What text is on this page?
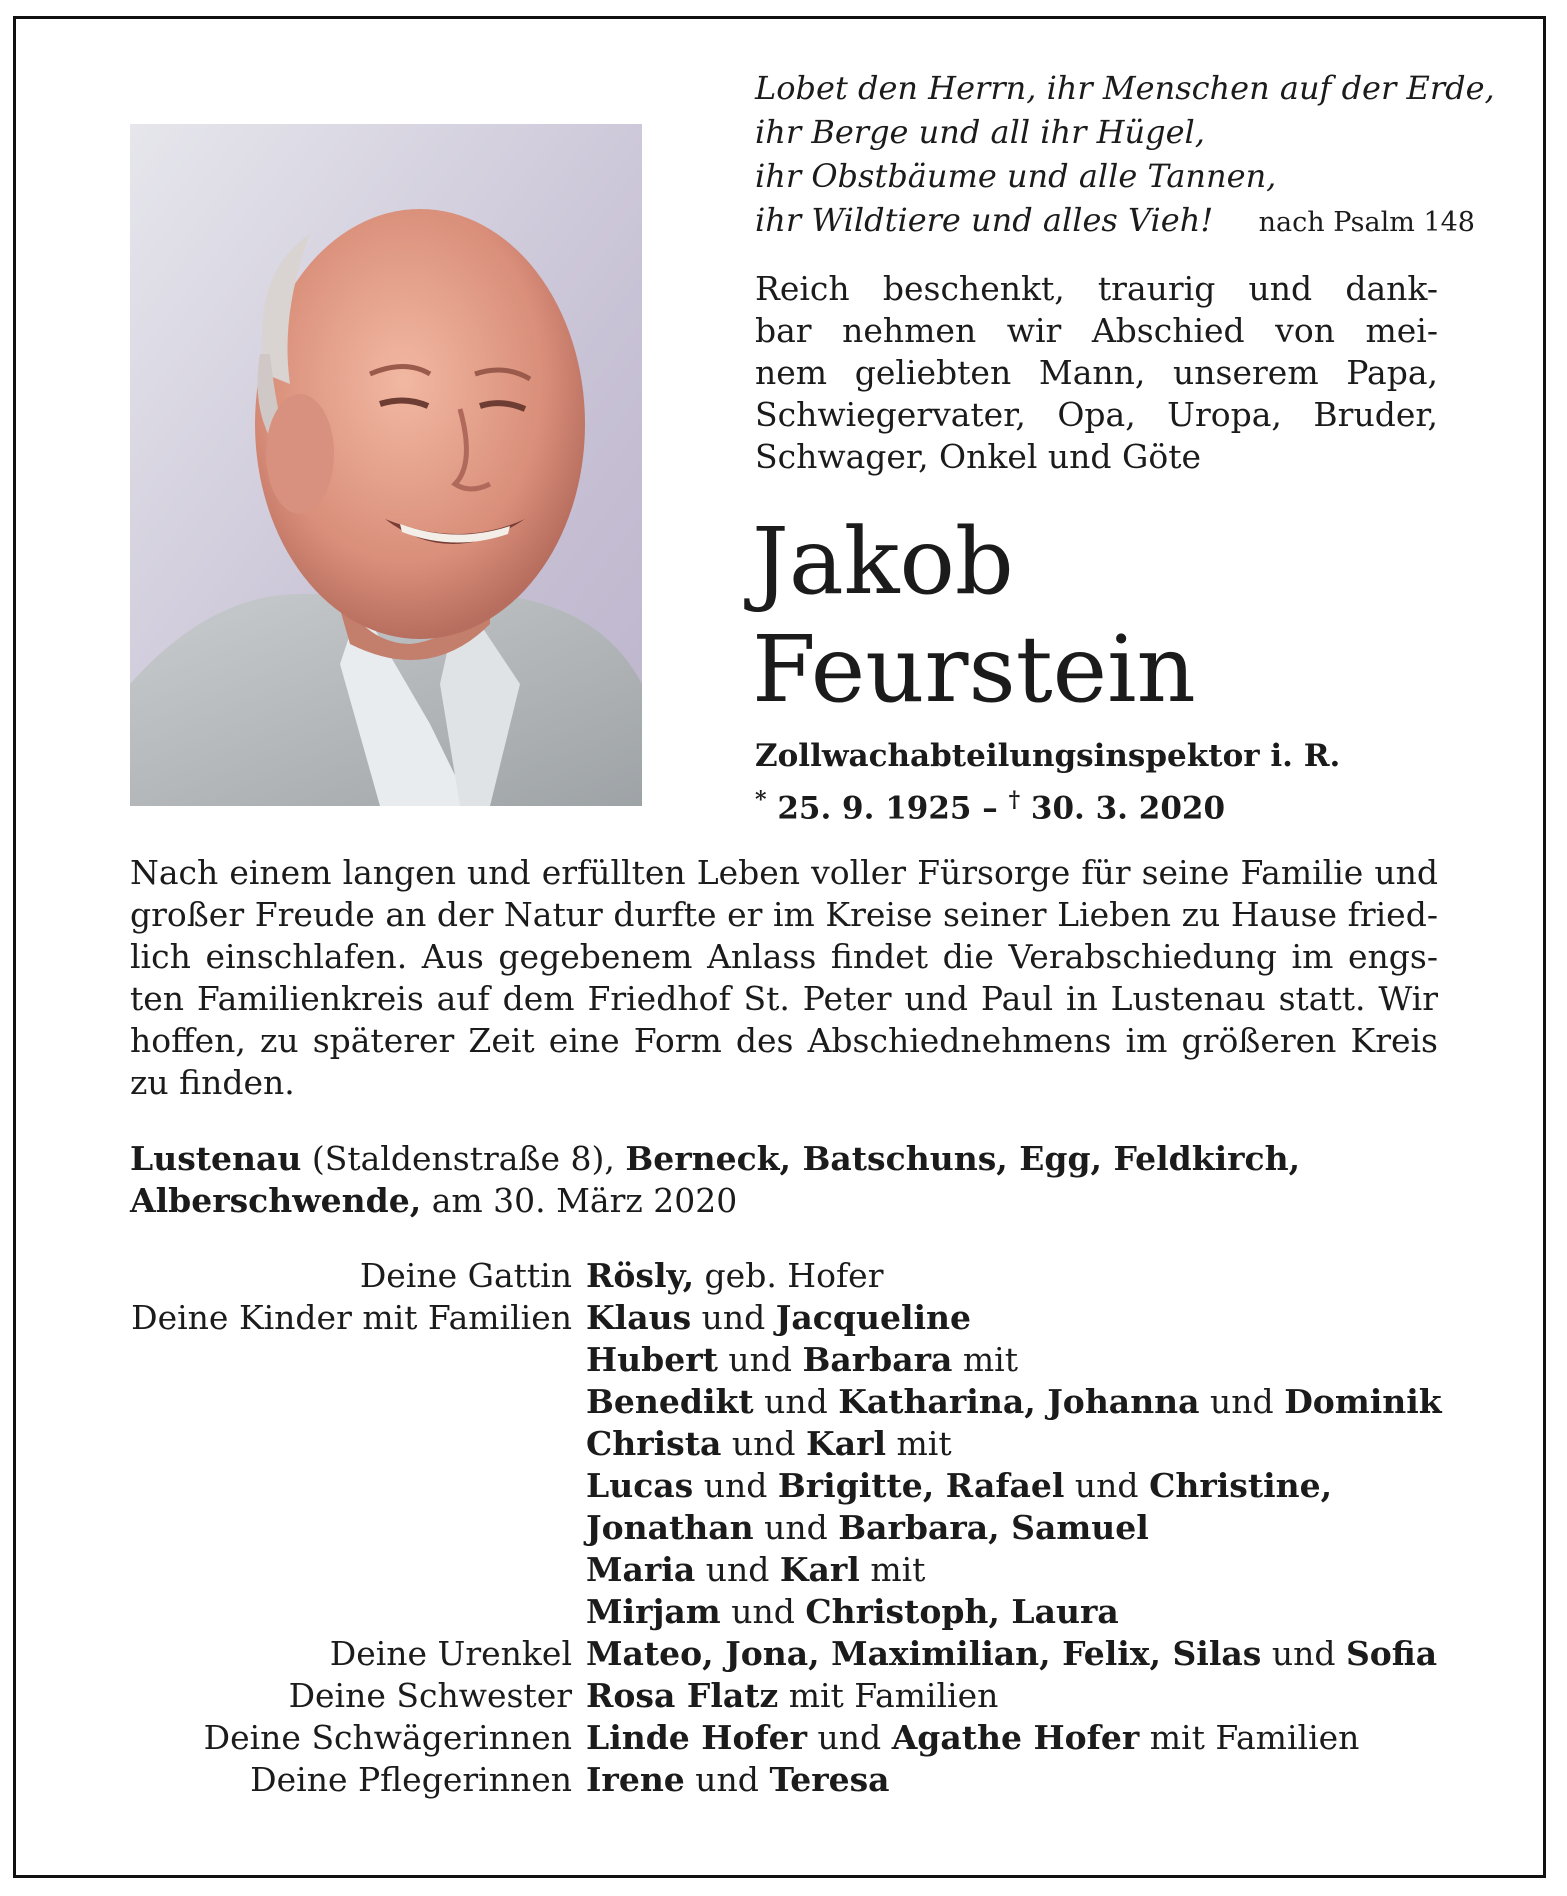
Lobet den Herrn, ihr Menschen auf der Erde,
ihr Berge und all ihr Hügel,
ihr Obstbäume und alle Tannen,
ihr Wildtiere und alles Vieh!	nach Psalm 148
Reich beschenkt, traurig und dank-
bar nehmen wir Abschied von mei-
nem geliebten Mann, unserem Papa,
Schwiegervater, Opa, Uropa, Bruder,
Schwager, Onkel und Göte
Jakob
Feurstein
Zollwachabteilungsinspektor i. R.
* 25. 9. 1925 – † 30. 3. 2020
Nach einem langen und erfüllten Leben voller Fürsorge für seine Familie und
großer Freude an der Natur durfte er im Kreise seiner Lieben zu Hause fried-
lich einschlafen. Aus gegebenem Anlass findet die Verabschiedung im engs-
ten Familienkreis auf dem Friedhof St. Peter und Paul in Lustenau statt. Wir
hoffen, zu späterer Zeit eine Form des Abschiednehmens im größeren Kreis
zu finden.
Lustenau (Staldenstraße 8), Berneck, Batschuns, Egg, Feldkirch,
Alberschwende, am 30. März 2020
Deine Gattin Rösly, geb. Hofer
Deine Kinder mit Familien Klaus und Jacqueline
Hubert und Barbara mit
Benedikt und Katharina, Johanna und Dominik
Christa und Karl mit
Lucas und Brigitte, Rafael und Christine,
Jonathan und Barbara, Samuel
Maria und Karl mit
Mirjam und Christoph, Laura
Deine Urenkel Mateo, Jona, Maximilian, Felix, Silas und Sofia
Deine Schwester Rosa Flatz mit Familien
Deine Schwägerinnen Linde Hofer und Agathe Hofer mit Familien
Deine Pflegerinnen Irene und Teresa
